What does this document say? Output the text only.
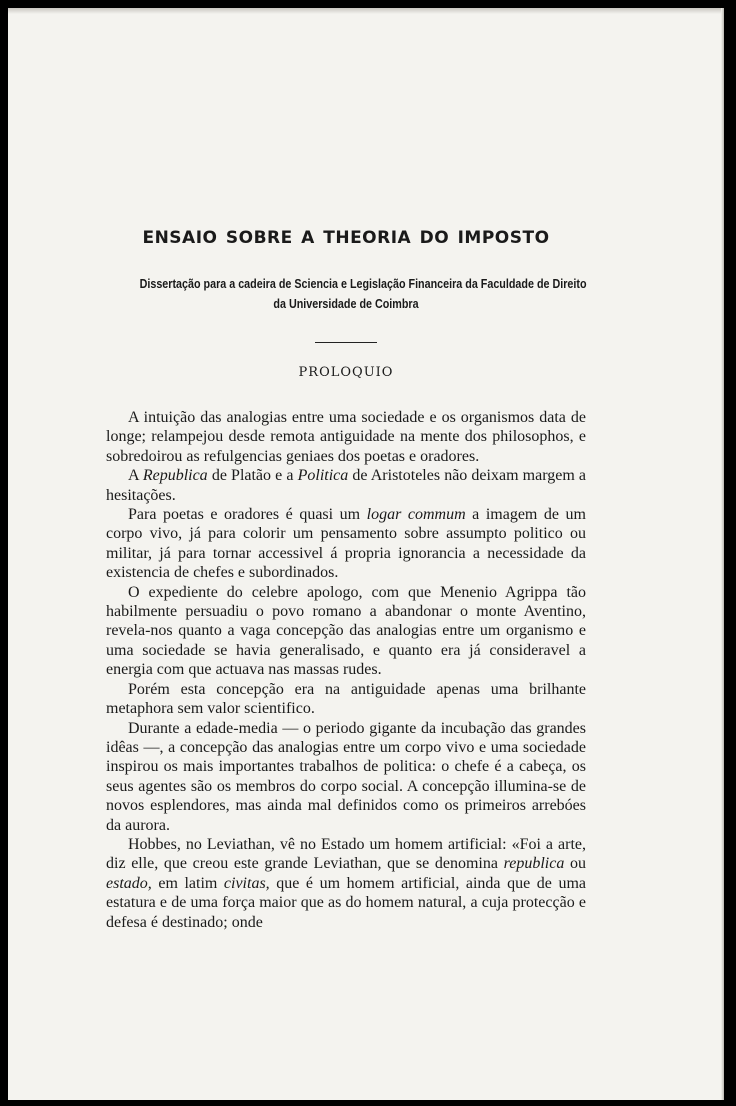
ENSAIO SOBRE A THEORIA DO IMPOSTO
Dissertação para a cadeira de Sciencia e Legislação Financeira da Faculdade de Direito
da Universidade de Coimbra
PROLOQUIO

A intuição das analogias entre uma sociedade e os organismos data de longe; relampejou desde remota antiguidade na mente dos philosophos, e sobredoirou as refulgencias geniaes dos poetas e oradores.

A Republica de Platão e a Politica de Aristoteles não deixam margem a hesitações.

Para poetas e oradores é quasi um logar commum a imagem de um corpo vivo, já para colorir um pensamento sobre assumpto politico ou militar, já para tornar accessivel á propria ignorancia a necessidade da existencia de chefes e subordinados.

O expediente do celebre apologo, com que Menenio Agrippa tão habilmente persuadiu o povo romano a abandonar o monte Aventino, revela-nos quanto a vaga concepção das analogias entre um organismo e uma sociedade se havia generalisado, e quanto era já consideravel a energia com que actuava nas massas rudes.

Porém esta concepção era na antiguidade apenas uma brilhante metaphora sem valor scientifico.

Durante a edade-media — o periodo gigante da incubação das grandes idêas —, a concepção das analogias entre um corpo vivo e uma sociedade inspirou os mais importantes trabalhos de politica: o chefe é a cabeça, os seus agentes são os membros do corpo social. A concepção illumina-se de novos esplendores, mas ainda mal definidos como os primeiros arrebóes da aurora.

Hobbes, no Leviathan, vê no Estado um homem artificial: «Foi a arte, diz elle, que creou este grande Leviathan, que se denomina republica ou estado, em latim civitas, que é um homem artificial, ainda que de uma estatura e de uma força maior que as do homem natural, a cuja protecção e defesa é destinado; onde
